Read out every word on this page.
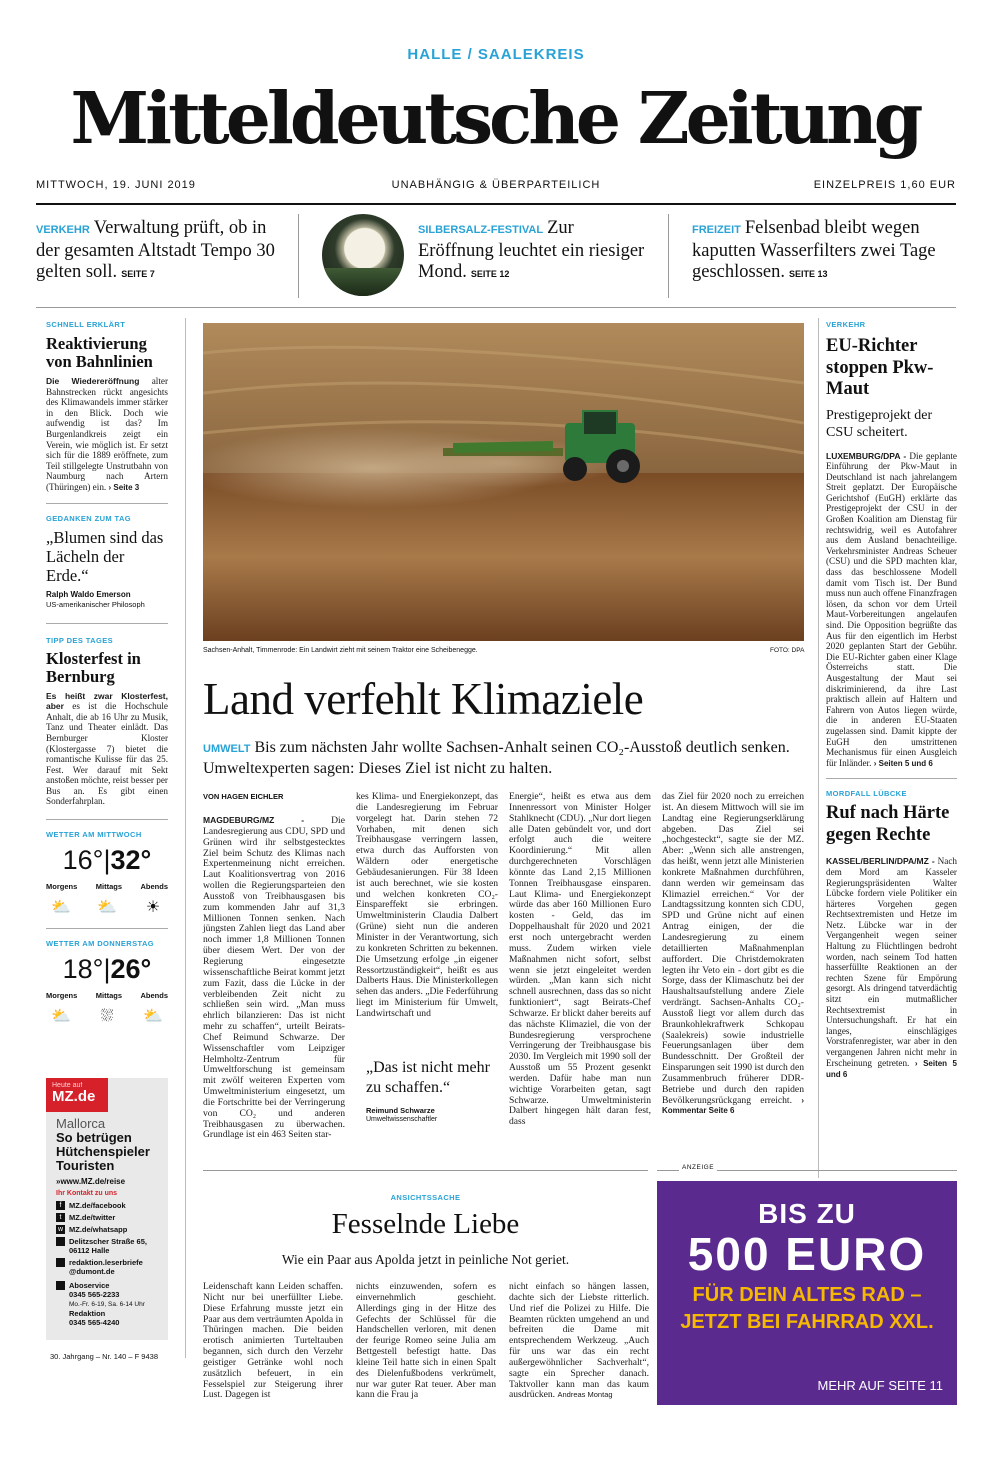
HALLE / SAALEKREIS
Mitteldeutsche Zeitung
MITTWOCH, 19. JUNI 2019	UNABHÄNGIG & ÜBERPARTEILICH	EINZELPREIS 1,60 EUR
VERKEHR Verwaltung prüft, ob in der gesamten Altstadt Tempo 30 gelten soll. SEITE 7
SILBERSALZ-FESTIVAL Zur Eröffnung leuchtet ein riesiger Mond. SEITE 12
FREIZEIT Felsenbad bleibt wegen kaputten Wasserfilters zwei Tage geschlossen. SEITE 13
SCHNELL ERKLÄRT
Reaktivierung von Bahnlinien
Die Wiedereröffnung alter Bahnstrecken rückt angesichts des Klimawandels immer stärker in den Blick. Doch wie aufwendig ist das? Im Burgenlandkreis zeigt ein Verein, wie möglich ist. Er setzt sich für die 1889 eröffnete, zum Teil stillgelegte Unstrutbahn von Naumburg nach Artern (Thüringen) ein. › Seite 3
GEDANKEN ZUM TAG
„Blumen sind das Lächeln der Erde.“
Ralph Waldo Emerson
US-amerikanischer Philosoph
TIPP DES TAGES
Klosterfest in Bernburg
Es heißt zwar Klosterfest, aber es ist die Hochschule Anhalt, die ab 16 Uhr zu Musik, Tanz und Theater einlädt. Das Bernburger Kloster (Klostergasse 7) bietet die romantische Kulisse für das 25. Fest. Wer darauf mit Sekt anstoßen möchte, reist besser per Bus an. Es gibt einen Sonderfahrplan.
WETTER AM MITTWOCH
16°|32°
Morgens Mittags Abends
⛅ ⛅ ☀
WETTER AM DONNERSTAG
18°|26°
Morgens Mittags Abends
⛅ ⛆ ⛅
Heute auf
MZ.de
Mallorca
So betrügen Hütchenspieler Touristen
»www.MZ.de/reise
Ihr Kontakt zu uns
f	MZ.de/facebook
t	MZ.de/twitter
w MZ.de/whatsapp
Delitzscher Straße 65, 06112 Halle
redaktion.leserbriefe @dumont.de
Aboservice
0345 565-2233
Mo.-Fr. 6-19, Sa. 6-14 Uhr
Redaktion
0345 565-4240
30. Jahrgang – Nr. 140 – F 9438
Sachsen-Anhalt, Timmenrode: Ein Landwirt zieht mit seinem Traktor eine Scheibenegge.	FOTO: DPA
Land verfehlt Klimaziele
UMWELT Bis zum nächsten Jahr wollte Sachsen-Anhalt seinen CO₂-Ausstoß deutlich senken. Umweltexperten sagen: Dieses Ziel ist nicht zu halten.
VON HAGEN EICHLER
MAGDEBURG/MZ -	Die Landesregierung aus CDU, SPD und Grünen wird ihr selbstgestecktes Ziel beim Schutz des Klimas nach Expertenmeinung nicht erreichen. Laut Koalitionsvertrag von 2016 wollen die Regierungsparteien den Ausstoß von Treibhausgasen bis zum kommenden Jahr auf 31,3 Millionen Tonnen senken. Nach jüngsten Zahlen liegt das Land aber noch immer 1,8 Millionen Tonnen über diesem Wert. Der von der Regierung eingesetzte wissenschaftliche Beirat kommt jetzt zum Fazit, dass die Lücke in der verbleibenden Zeit nicht zu schließen sein wird. „Man muss ehrlich bilanzieren: Das ist nicht mehr zu schaffen“, urteilt Beirats-Chef Reimund Schwarze. Der Wissenschaftler vom Leipziger Helmholtz-Zentrum für Umweltforschung ist gemeinsam mit zwölf weiteren Experten vom Umweltministerium eingesetzt, um die Fortschritte bei der Verringerung von CO₂ und anderen Treibhausgasen zu überwachen. Grundlage ist ein 463 Seiten star-
kes Klima- und Energiekonzept, das die Landesregierung im Februar vorgelegt hat. Darin stehen 72 Vorhaben, mit denen sich Treibhausgase verringern lassen, etwa durch das Aufforsten von Wäldern oder energetische Gebäudesanierungen. Für 38 Ideen ist auch berechnet, wie sie kosten und welchen konkreten CO₂-Einspareffekt sie erbringen. Umweltministerin Claudia Dalbert (Grüne) sieht nun die anderen Minister in der Verantwortung, sich zu konkreten Schritten zu bekennen. Die Umsetzung erfolge „in eigener Ressortzuständigkeit“, heißt es aus Dalberts Haus. Die Ministerkollegen sehen das anders. „Die Federführung liegt im Ministerium für Umwelt, Landwirtschaft und
„Das ist nicht mehr zu schaffen.“
Reimund Schwarze
Umweltwissenschaftler
Energie“, heißt es etwa aus dem Innenressort von Minister Holger Stahlknecht (CDU). „Nur dort liegen alle Daten gebündelt vor, und dort erfolgt auch die weitere Koordinierung.“ Mit allen durchgerechneten Vorschlägen könnte das Land 2,15 Millionen Tonnen Treibhausgase einsparen. Laut Klima- und Energiekonzept würde das aber 160 Millionen Euro kosten - Geld, das im Doppelhaushalt für 2020 und 2021 erst noch untergebracht werden muss. Zudem wirken viele Maßnahmen nicht sofort, selbst wenn sie jetzt eingeleitet werden würden. „Man kann sich nicht schnell ausrechnen, dass das so nicht funktioniert“, sagt Beirats-Chef Schwarze. Er blickt daher bereits auf das nächste Klimaziel, die von der Bundesregierung versprochene Verringerung der Treibhausgase bis 2030. Im Vergleich mit 1990 soll der Ausstoß um 55 Prozent gesenkt werden. Dafür habe man nun wichtige Vorarbeiten getan, sagt Schwarze. Umweltministerin Dalbert hingegen hält daran fest, dass
das Ziel für 2020 noch zu erreichen ist. An diesem Mittwoch will sie im Landtag eine Regierungserklärung abgeben. Das Ziel sei „hochgesteckt“, sagte sie der MZ. Aber: „Wenn sich alle anstrengen, das heißt, wenn jetzt alle Ministerien konkrete Maßnahmen durchführen, dann werden wir gemeinsam das Klimaziel erreichen.“ Vor der Landtagssitzung konnten sich CDU, SPD und Grüne nicht auf einen Antrag einigen, der die Landesregierung zu einem detaillierten Maßnahmenplan auffordert. Die Christdemokraten legten ihr Veto ein - dort gibt es die Sorge, dass der Klimaschutz bei der Haushaltsaufstellung andere Ziele verdrängt. Sachsen-Anhalts CO₂-Ausstoß liegt vor allem durch das Braunkohlekraftwerk Schkopau (Saalekreis) sowie industrielle Feuerungsanlagen über dem Bundesschnitt. Der Großteil der Einsparungen seit 1990 ist durch den Zusammenbruch früherer DDR-Betriebe und durch den rapiden Bevölkerungsrückgang erreicht. › Kommentar Seite 6
VERKEHR
EU-Richter stoppen Pkw-Maut
Prestigeprojekt der CSU scheitert.
LUXEMBURG/DPA - Die geplante Einführung der Pkw-Maut in Deutschland ist nach jahrelangem Streit geplatzt. Der Europäische Gerichtshof (EuGH) erklärte das Prestigeprojekt der CSU in der Großen Koalition am Dienstag für rechtswidrig, weil es Autofahrer aus dem Ausland benachteilige. Verkehrsminister Andreas Scheuer (CSU) und die SPD machten klar, dass das beschlossene Modell damit vom Tisch ist. Der Bund muss nun auch offene Finanzfragen lösen, da schon vor dem Urteil Maut-Vorbereitungen angelaufen sind. Die Opposition begrüßte das Aus für den eigentlich im Herbst 2020 geplanten Start der Gebühr. Die EU-Richter gaben einer Klage Österreichs statt. Die Ausgestaltung der Maut sei diskriminierend, da ihre Last praktisch allein auf Haltern und Fahrern von Autos liegen würde, die in anderen EU-Staaten zugelassen sind. Damit kippte der EuGH den umstrittenen Mechanismus für einen Ausgleich für Inländer. › Seiten 5 und 6
MORDFALL LÜBCKE
Ruf nach Härte gegen Rechte
KASSEL/BERLIN/DPA/MZ - Nach dem Mord am Kasseler Regierungspräsidenten Walter Lübcke fordern viele Politiker ein härteres Vorgehen gegen Rechtsextremisten und Hetze im Netz. Lübcke war in der Vergangenheit wegen seiner Haltung zu Flüchtlingen bedroht worden, nach seinem Tod hatten hasserfüllte Reaktionen an der rechten Szene für Empörung gesorgt. Als dringend tatverdächtig sitzt ein mutmaßlicher Rechtsextremist in Untersuchungshaft. Er hat ein langes, einschlägiges Vorstrafenregister, war aber in den vergangenen Jahren nicht mehr in Erscheinung getreten. › Seiten 5 und 6
ANSICHTSSACHE
Fesselnde Liebe
Wie ein Paar aus Apolda jetzt in peinliche Not geriet.
Leidenschaft kann Leiden schaffen. Nicht nur bei unerfüllter Liebe. Diese Erfahrung musste jetzt ein Paar aus dem verträumten Apolda in Thüringen machen. Die beiden erotisch animierten Turteltauben begannen, sich durch den Verzehr geistiger Getränke wohl noch zusätzlich befeuert, in ein Fesselspiel zur Steigerung ihrer Lust. Dagegen ist
nichts einzuwenden, sofern es einvernehmlich geschieht. Allerdings ging in der Hitze des Gefechts der Schlüssel für die Handschellen verloren, mit denen der feurige Romeo seine Julia am Bettgestell befestigt hatte. Das kleine Teil hatte sich in einen Spalt des Dielenfußbodens verkrümelt, nur war guter Rat teuer. Aber man kann die Frau ja
nicht einfach so hängen lassen, dachte sich der Liebste ritterlich. Und rief die Polizei zu Hilfe. Die Beamten rückten umgehend an und befreiten die Dame mit entsprechendem Werkzeug. „Auch für uns war das ein recht außergewöhnlicher Sachverhalt“, sagte ein Sprecher danach. Taktvoller kann man das kaum ausdrücken. Andreas Montag
ANZEIGE
BIS ZU
500 EURO
FÜR DEIN ALTES RAD –
JETZT BEI FAHRRAD XXL.
MEHR AUF SEITE 11
